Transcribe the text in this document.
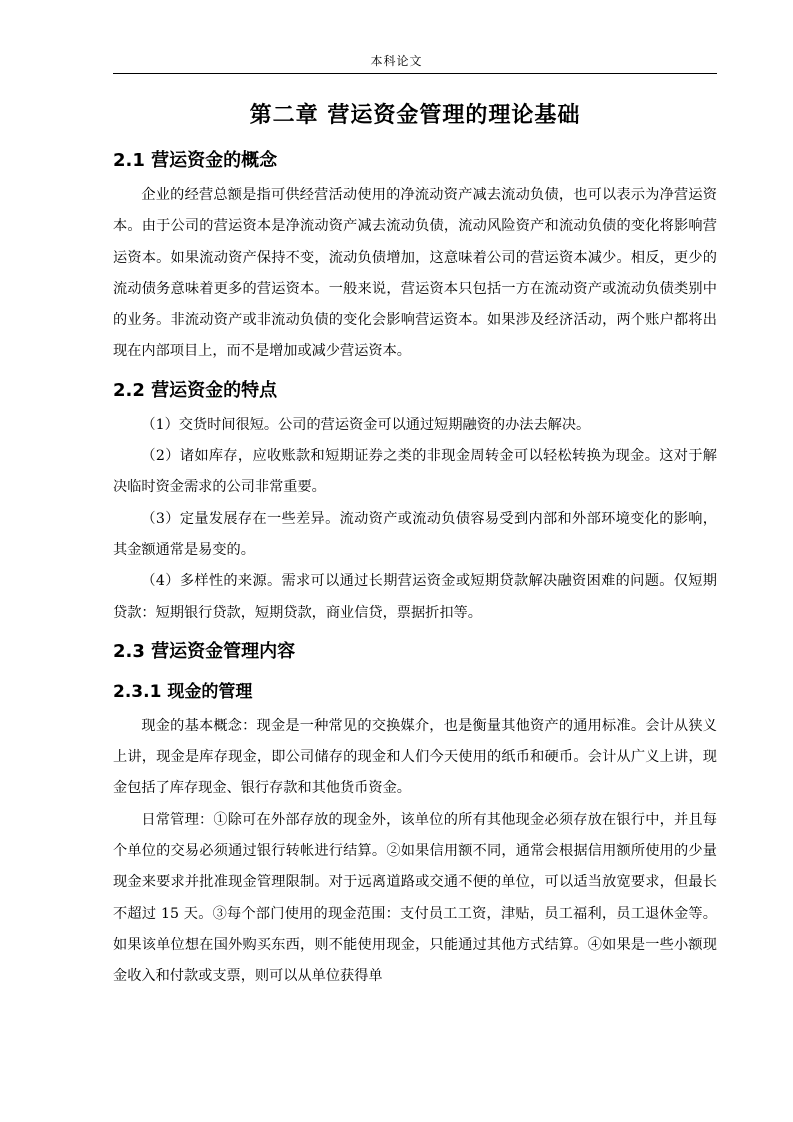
本科论文
第二章 营运资金管理的理论基础
2.1 营运资金的概念

企业的经营总额是指可供经营活动使用的净流动资产减去流动负债，也可以表示为净营运资本。由于公司的营运资本是净流动资产减去流动负债，流动风险资产和流动负债的变化将影响营运资本。如果流动资产保持不变，流动负债增加，这意味着公司的营运资本减少。相反，更少的流动债务意味着更多的营运资本。一般来说，营运资本只包括一方在流动资产或流动负债类别中的业务。非流动资产或非流动负债的变化会影响营运资本。如果涉及经济活动，两个账户都将出现在内部项目上，而不是增加或减少营运资本。

2.2 营运资金的特点

（1）交货时间很短。公司的营运资金可以通过短期融资的办法去解决。

（2）诸如库存，应收账款和短期证券之类的非现金周转金可以轻松转换为现金。这对于解决临时资金需求的公司非常重要。

（3）定量发展存在一些差异。流动资产或流动负债容易受到内部和外部环境变化的影响，其金额通常是易变的。

（4）多样性的来源。需求可以通过长期营运资金或短期贷款解决融资困难的问题。仅短期贷款：短期银行贷款，短期贷款，商业信贷，票据折扣等。

2.3 营运资金管理内容
2.3.1 现金的管理

现金的基本概念：现金是一种常见的交换媒介，也是衡量其他资产的通用标准。会计从狭义上讲，现金是库存现金，即公司储存的现金和人们今天使用的纸币和硬币。会计从广义上讲，现金包括了库存现金、银行存款和其他货币资金。

日常管理：①除可在外部存放的现金外，该单位的所有其他现金必须存放在银行中，并且每个单位的交易必须通过银行转帐进行结算。②如果信用额不同，通常会根据信用额所使用的少量现金来要求并批准现金管理限制。对于远离道路或交通不便的单位，可以适当放宽要求，但最长不超过 15 天。③每个部门使用的现金范围：支付员工工资，津贴，员工福利，员工退休金等。如果该单位想在国外购买东西，则不能使用现金，只能通过其他方式结算。④如果是一些小额现金收入和付款或支票，则可以从单位获得单
